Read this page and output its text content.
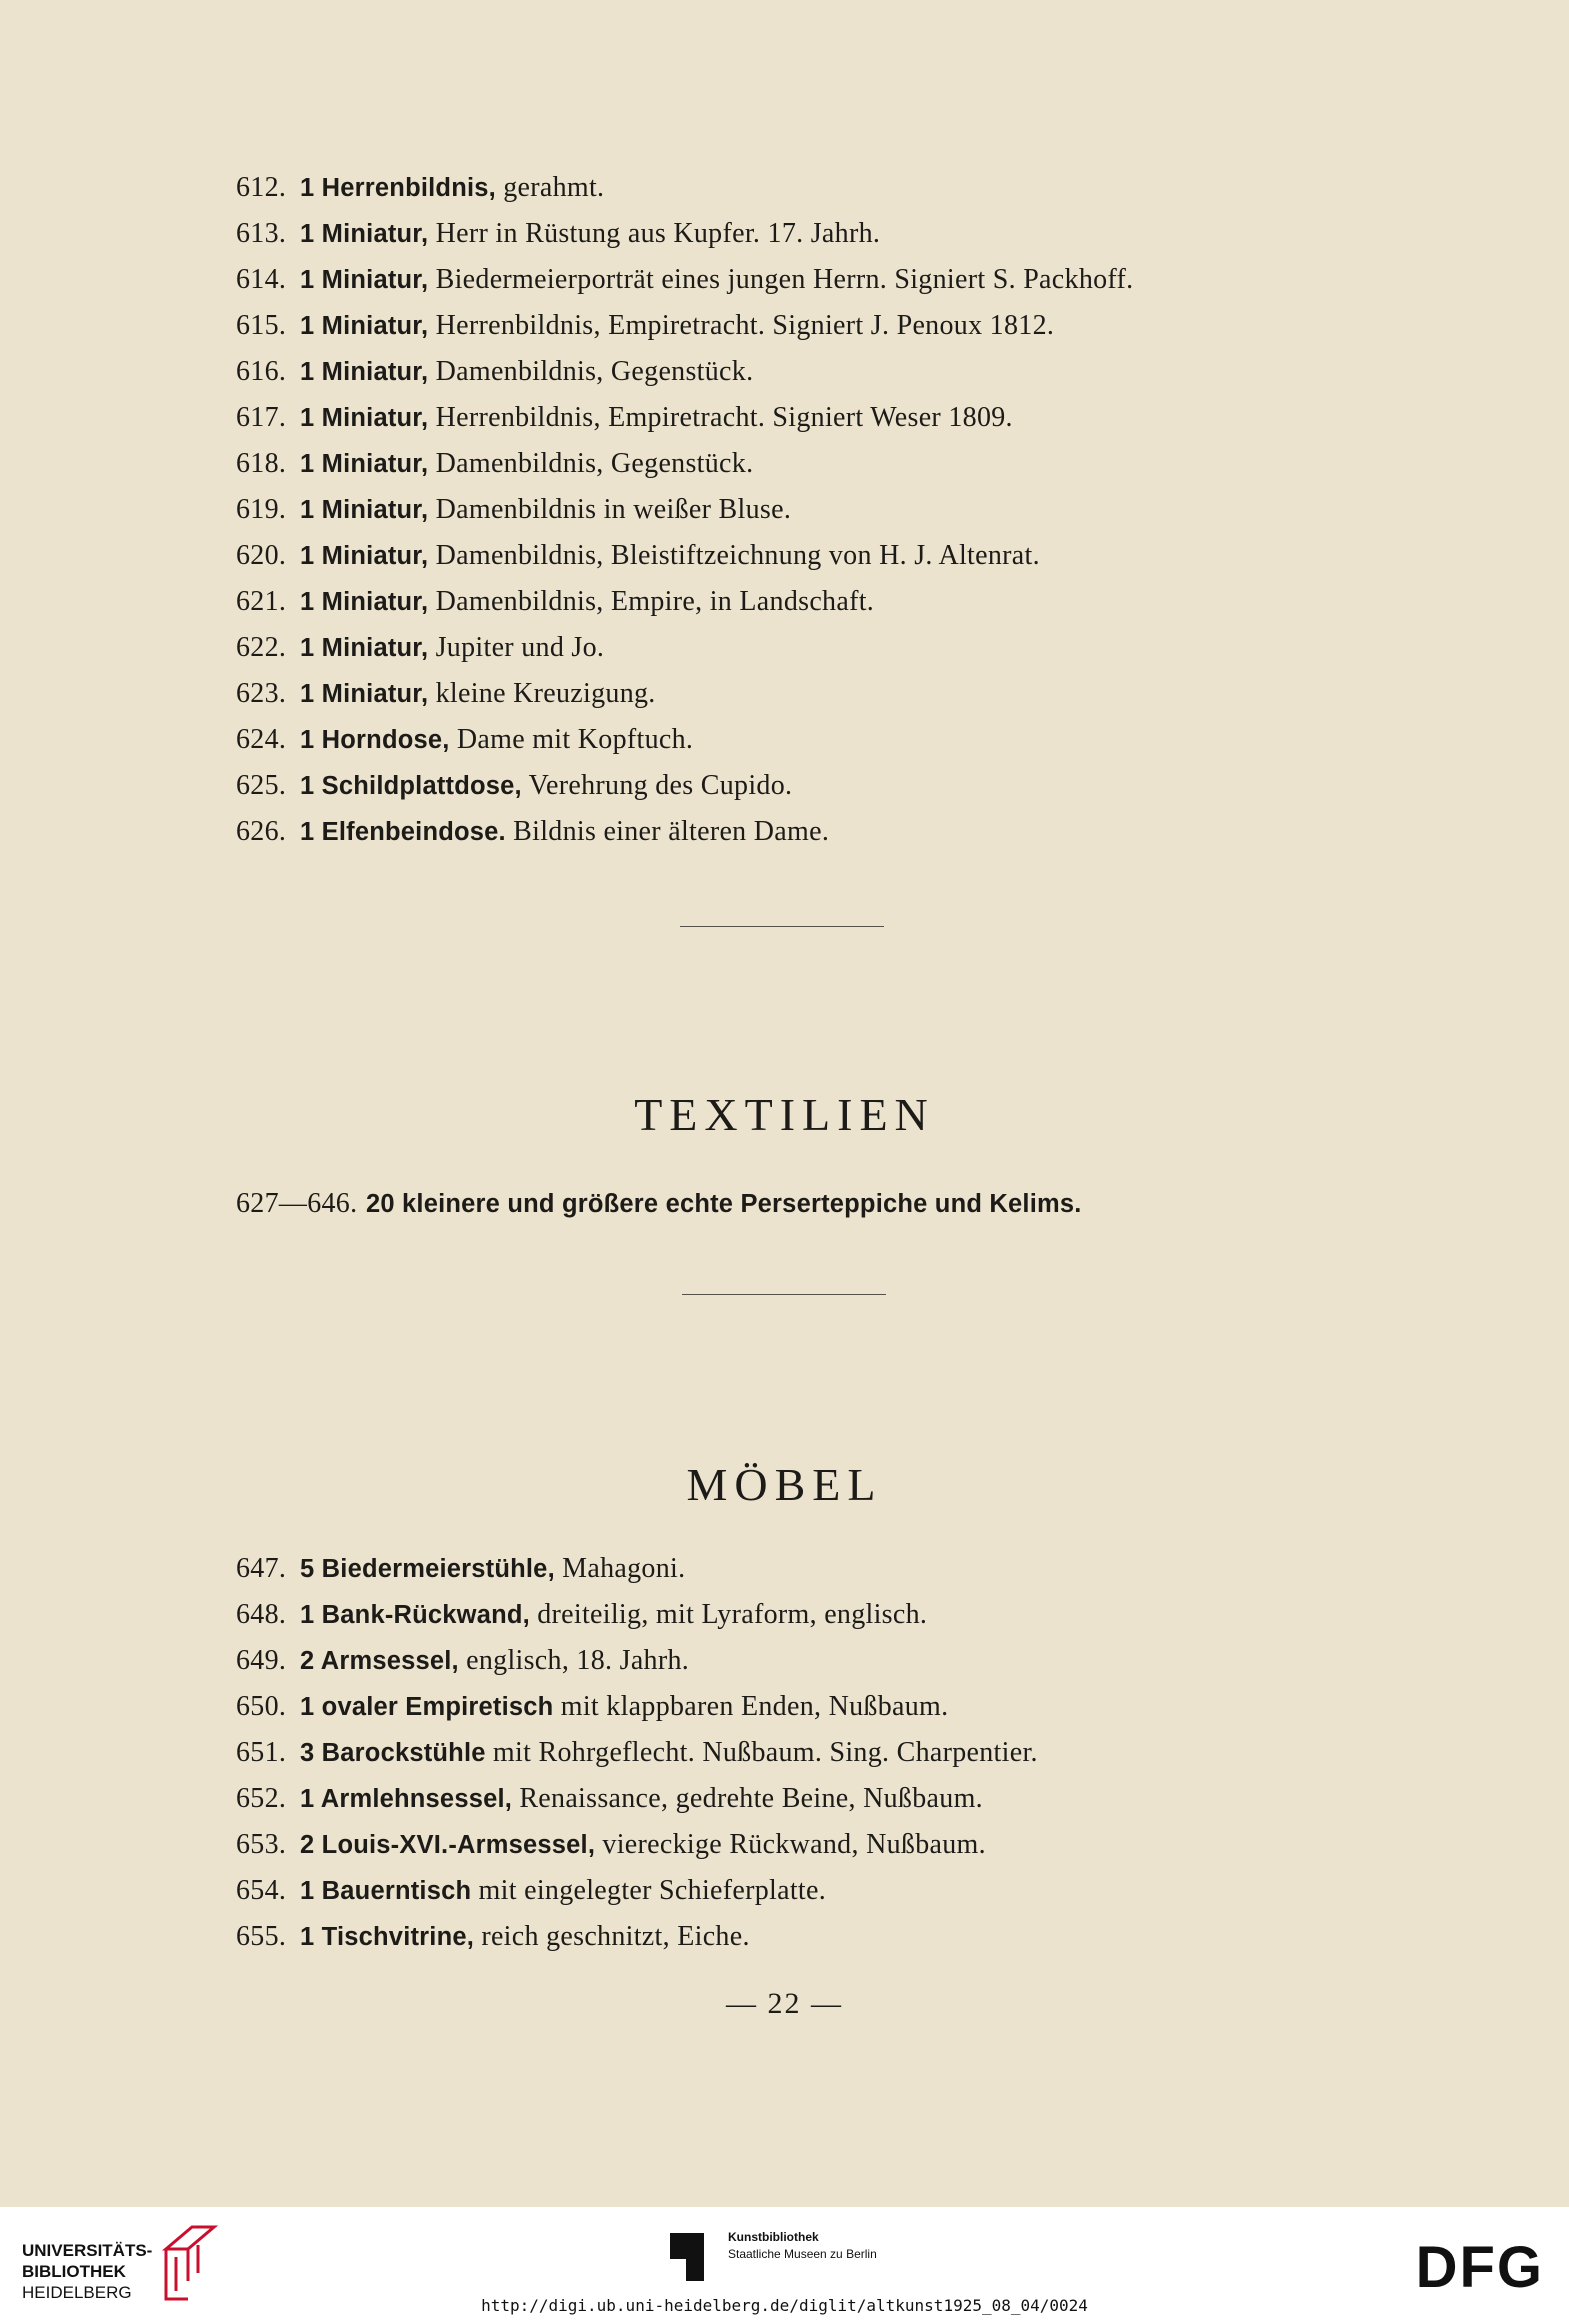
612. 1 Herrenbildnis, gerahmt.
613. 1 Miniatur, Herr in Rüstung aus Kupfer. 17. Jahrh.
614. 1 Miniatur, Biedermeierporträt eines jungen Herrn. Signiert S. Packhoff.
615. 1 Miniatur, Herrenbildnis, Empiretracht. Signiert J. Penoux 1812.
616. 1 Miniatur, Damenbildnis, Gegenstück.
617. 1 Miniatur, Herrenbildnis, Empiretracht. Signiert Weser 1809.
618. 1 Miniatur, Damenbildnis, Gegenstück.
619. 1 Miniatur, Damenbildnis in weißer Bluse.
620. 1 Miniatur, Damenbildnis, Bleistiftzeichnung von H. J. Altenrat.
621. 1 Miniatur, Damenbildnis, Empire, in Landschaft.
622. 1 Miniatur, Jupiter und Jo.
623. 1 Miniatur, kleine Kreuzigung.
624. 1 Horndose, Dame mit Kopftuch.
625. 1 Schildplattdose, Verehrung des Cupido.
626. 1 Elfenbeindose. Bildnis einer älteren Dame.
TEXTILIEN
627—646. 20 kleinere und größere echte Perserteppiche und Kelims.
MÖBEL
647. 5 Biedermeierstühle, Mahagoni.
648. 1 Bank-Rückwand, dreiteilig, mit Lyraform, englisch.
649. 2 Armsessel, englisch, 18. Jahrh.
650. 1 ovaler Empiretisch mit klappbaren Enden, Nußbaum.
651. 3 Barockstühle mit Rohrgeflecht. Nußbaum. Sing. Charpentier.
652. 1 Armlehnsessel, Renaissance, gedrehte Beine, Nußbaum.
653. 2 Louis-XVI.-Armsessel, viereckige Rückwand, Nußbaum.
654. 1 Bauerntisch mit eingelegter Schieferplatte.
655. 1 Tischvitrine, reich geschnitzt, Eiche.
— 22 —
UNIVERSITÄTS-
BIBLIOTHEK
HEIDELBERG
Kunstbibliothek
Staatliche Museen zu Berlin	DFG
http://digi.ub.uni-heidelberg.de/diglit/altkunst1925_08_04/0024
